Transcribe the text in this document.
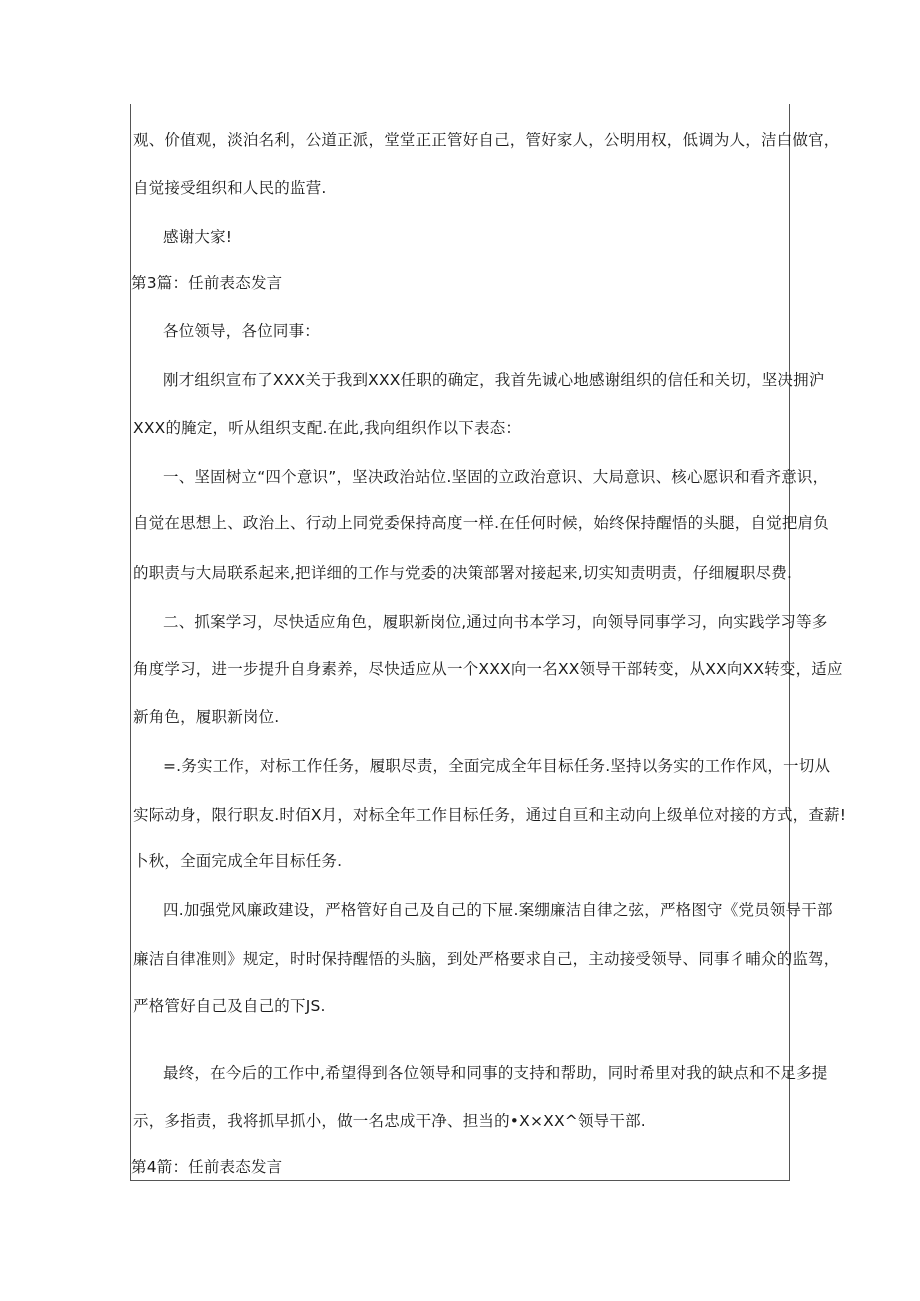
观、价值观，淡泊名利，公道正派，堂堂正正管好自己，管好家人，公明用权，低调为人，洁白做官，
自觉接受组织和人民的监营.
感谢大家!
第3篇：任前表态发言
各位领导，各位同事：
刚才组织宣布了XXX关于我到XXX任职的确定，我首先诚心地感谢组织的信任和关切，坚决拥沪
XXX的腌定，听从组织支配.在此,我向组织作以下表态：
一、坚固树立“四个意识”，坚决政治站位.坚固的立政治意识、大局意识、核心愿识和看齐意识，
自觉在思想上、政治上、行动上同党委保持高度一样.在任何时候，始终保持醒悟的头腿，自觉把肩负
的职责与大局联系起来,把详细的工作与党委的决策部署对接起来,切实知责明责，仔细履职尽费.
二、抓案学习，尽快适应角色，履职新岗位,通过向书本学习，向领导同事学习，向实践学习等多
角度学习，进一步提升自身素养，尽快适应从一个XXX向一名XX领导干部转变，从XX向XX转变，适应
新角色，履职新岗位.
=.务实工作，对标工作任务，履职尽责，全面完成全年目标任务.坚持以务实的工作作风，一切从
实际动身，限行职友.时佰X月，对标全年工作目标任务，通过自亘和主动向上级单位对接的方式，查薪!
卜秋，全面完成全年目标任务.
四.加强党风廉政建设，严格管好自己及自己的下屉.案绷廉洁自律之弦，严格图守《党员领导干部
廉洁自律准则》规定，时时保持醒悟的头脑，到处严格要求自己，主动接受领导、同事彳晡众的监驾，
严格管好自己及自己的下JS.
最终，在今后的工作中,希望得到各位领导和同事的支持和帮助，同时希里对我的缺点和不足多提
示，多指责，我将抓早抓小，做一名忠成干净、担当的•X×XX^领导干部.
第4箭：任前表态发言
